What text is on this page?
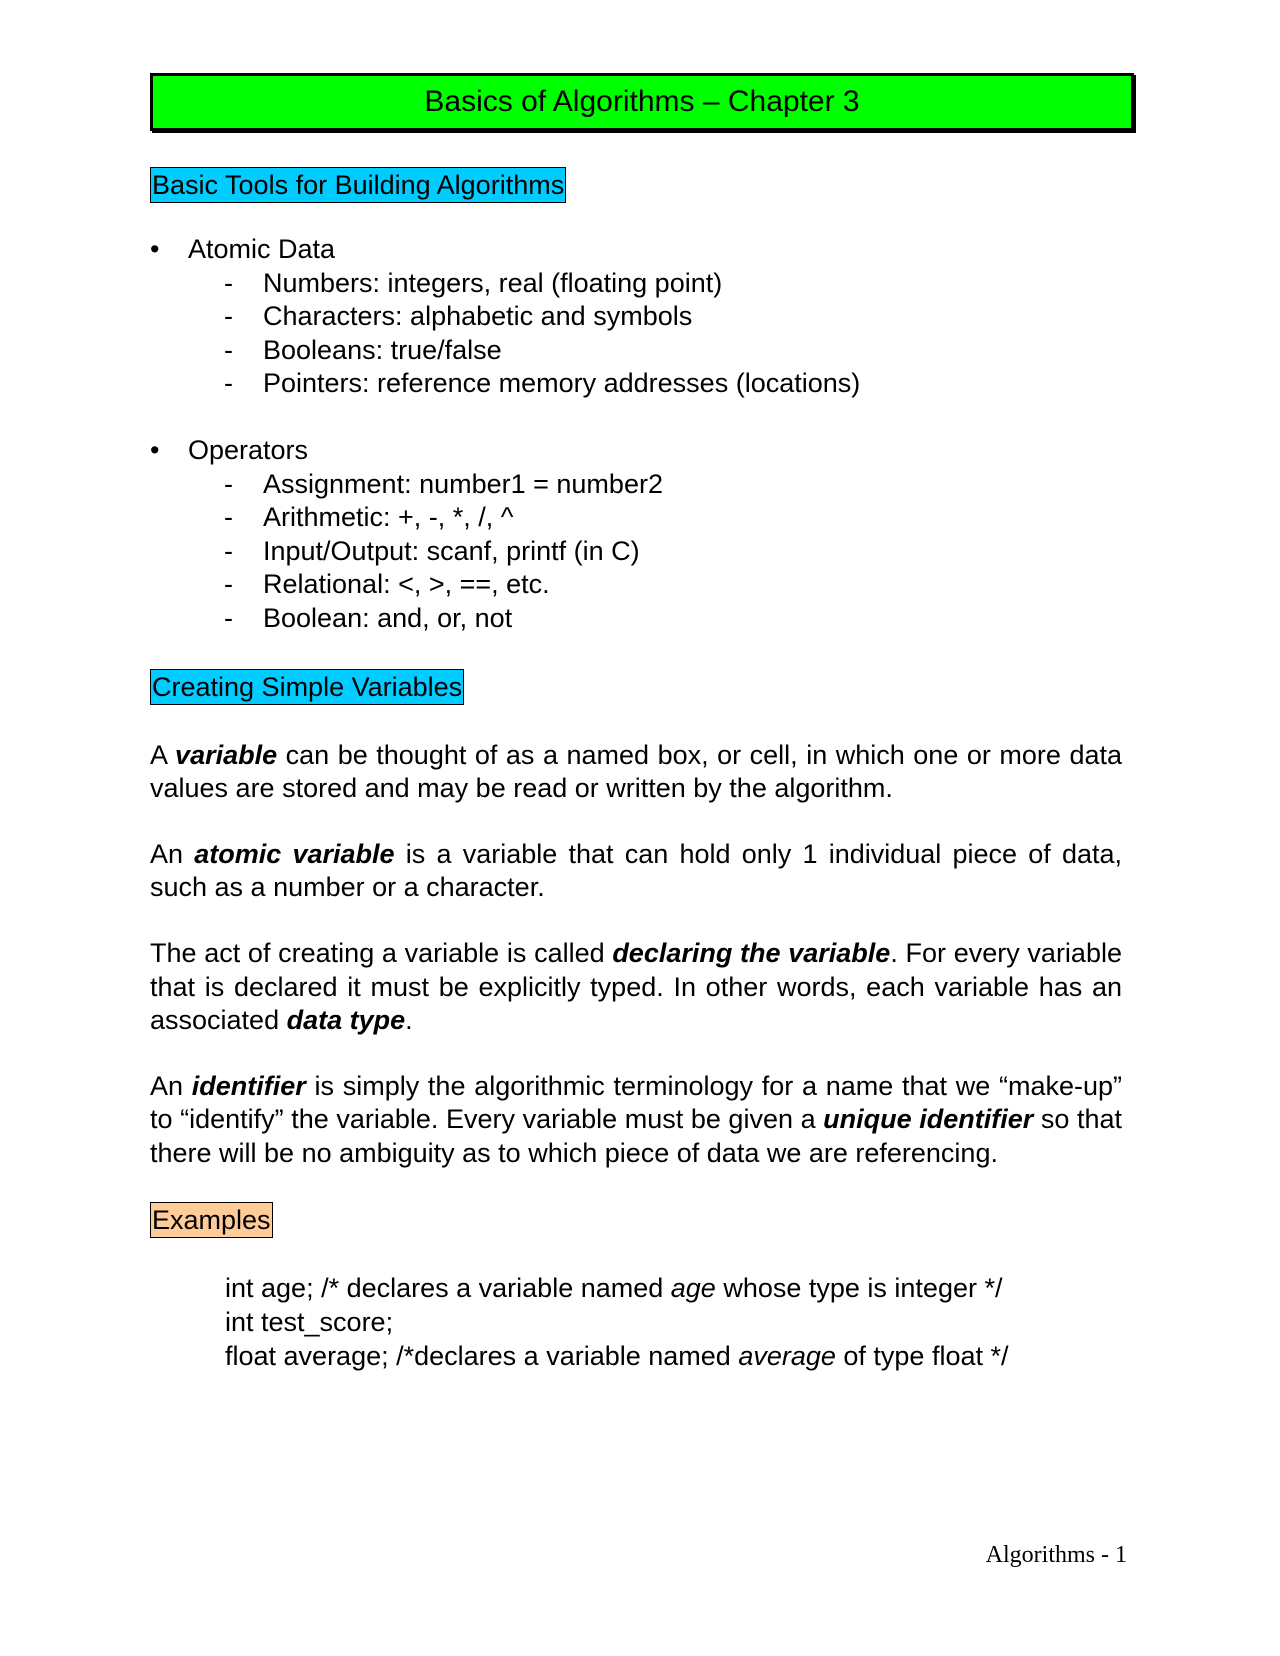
Basics of Algorithms – Chapter 3
Basic Tools for Building Algorithms
• Atomic Data
- Numbers: integers, real (floating point)
- Characters: alphabetic and symbols
- Booleans: true/false
- Pointers: reference memory addresses (locations)
• Operators
- Assignment: number1 = number2
- Arithmetic: +, -, *, /, ^
- Input/Output: scanf, printf (in C)
- Relational: <, >, ==, etc.
- Boolean: and, or, not
Creating Simple Variables

A variable can be thought of as a named box, or cell, in which one or more data values are stored and may be read or written by the algorithm.

An atomic variable is a variable that can hold only 1 individual piece of data, such as a number or a character.

The act of creating a variable is called declaring the variable. For every variable that is declared it must be explicitly typed. In other words, each variable has an associated data type.

An identifier is simply the algorithmic terminology for a name that we “make-up” to “identify” the variable. Every variable must be given a unique identifier so that there will be no ambiguity as to which piece of data we are referencing.

Examples
int age; /* declares a variable named age whose type is integer */
int test_score;
float average; /*declares a variable named average of type float */
Algorithms - 1
